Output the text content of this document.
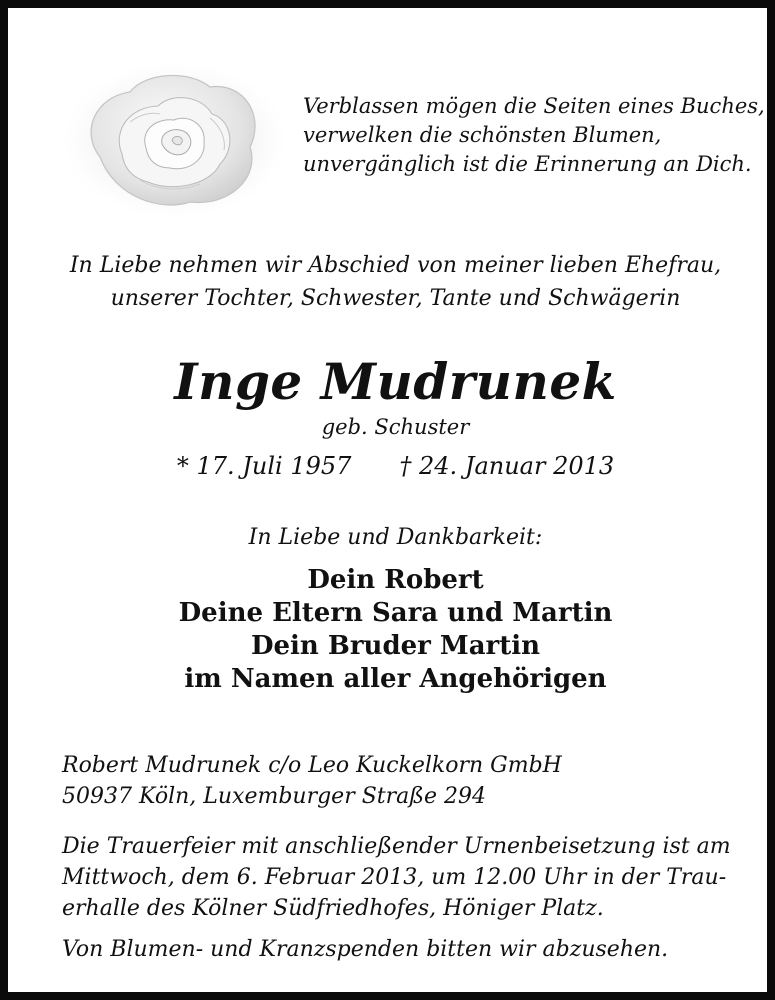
Verblassen mögen die Seiten eines Buches,
verwelken die schönsten Blumen,
unvergänglich ist die Erinnerung an Dich.
In Liebe nehmen wir Abschied von meiner lieben Ehefrau,
unserer Tochter, Schwester, Tante und Schwägerin
Inge Mudrunek
geb. Schuster
* 17. Juli 1957 † 24. Januar 2013
In Liebe und Dankbarkeit:
Dein Robert
Deine Eltern Sara und Martin
Dein Bruder Martin
im Namen aller Angehörigen
Robert Mudrunek c/o Leo Kuckelkorn GmbH
50937 Köln, Luxemburger Straße 294
Die Trauerfeier mit anschließender Urnenbeisetzung ist am
Mittwoch, dem 6. Februar 2013, um 12.00 Uhr in der Trau-
erhalle des Kölner Südfriedhofes, Höniger Platz.
Von Blumen- und Kranzspenden bitten wir abzusehen.
